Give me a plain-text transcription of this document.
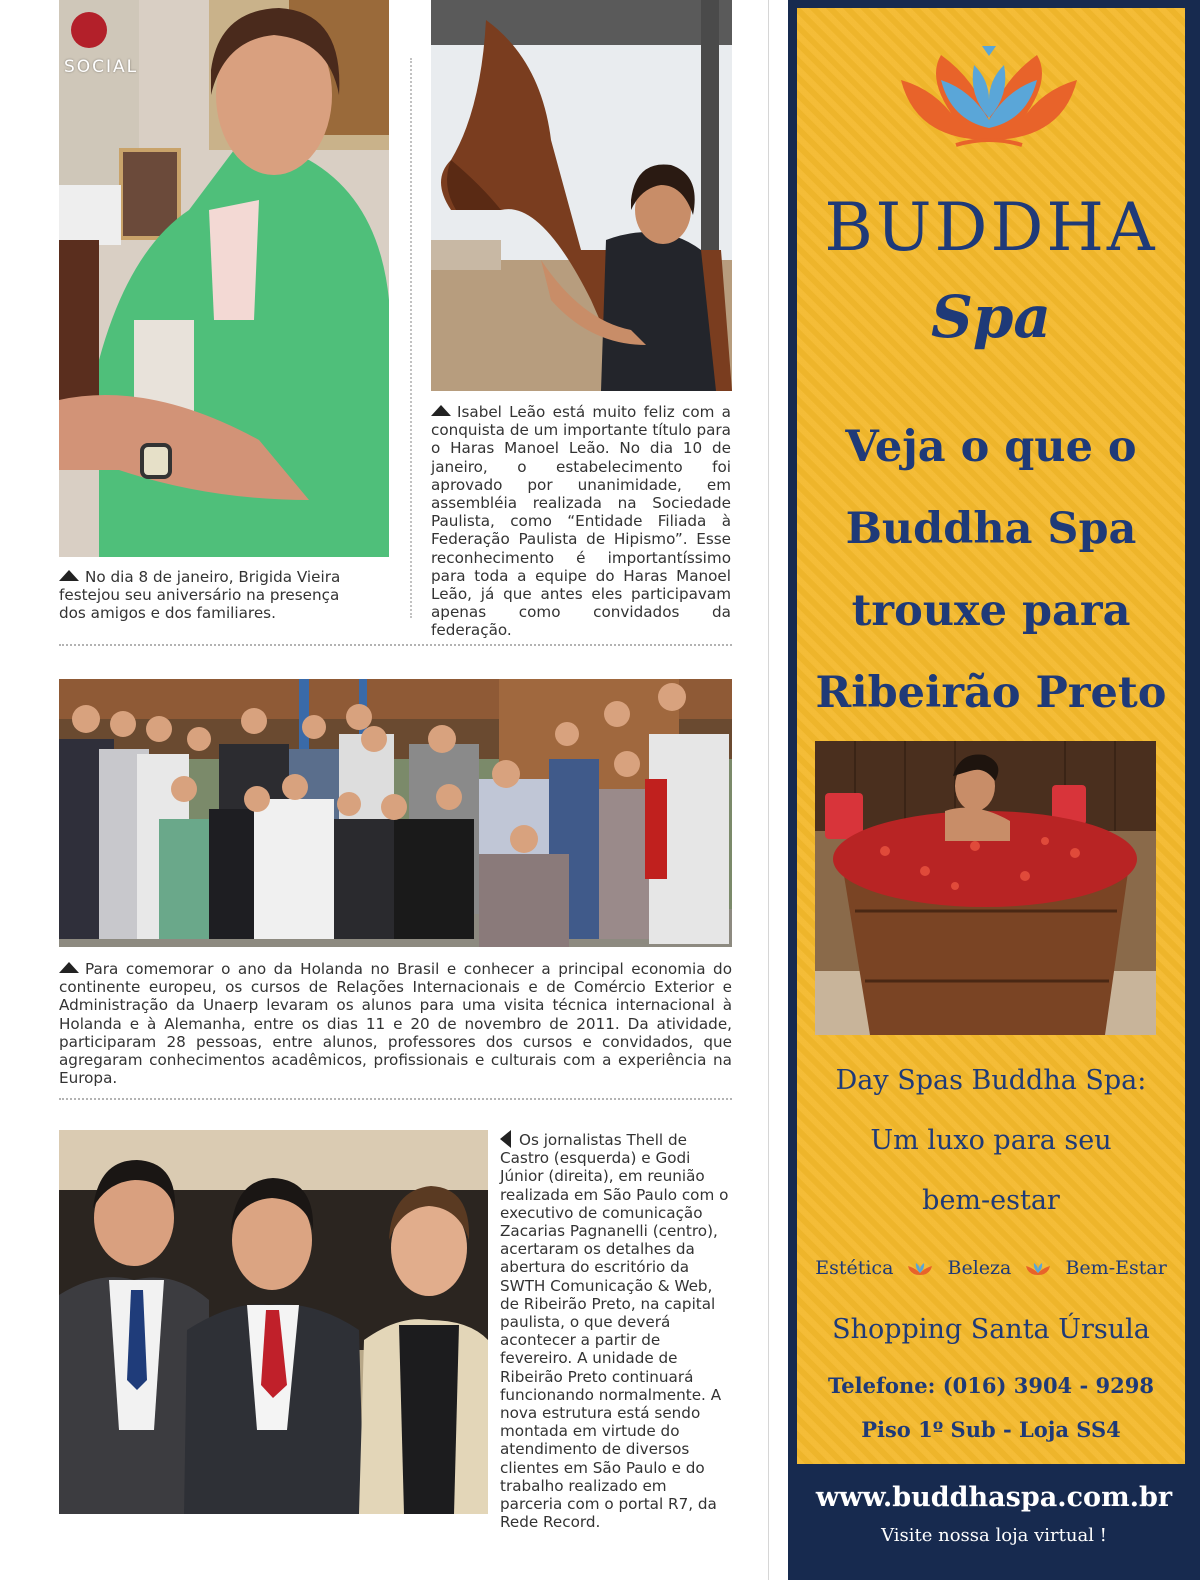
SOCIAL
No dia 8 de janeiro, Brigida Vieira festejou seu aniversário na presença dos amigos e dos familiares.
Isabel Leão está muito feliz com a conquista de um importante título para o Haras Manoel Leão. No dia 10 de janeiro, o estabelecimento foi aprovado por unanimidade, em assembléia realizada na Sociedade Paulista, como “Entidade Filiada à Federação Paulista de Hipismo”. Esse reconhecimento é importantíssimo para toda a equipe do Haras Manoel Leão, já que antes eles participavam apenas como convidados da federação.
Para comemorar o ano da Holanda no Brasil e conhecer a principal economia do continente europeu, os cursos de Relações Internacionais e de Comércio Exterior e Administração da Unaerp levaram os alunos para uma visita técnica internacional à Holanda e à Alemanha, entre os dias 11 e 20 de novembro de 2011. Da atividade, participaram 28 pessoas, entre alunos, professores dos cursos e convidados, que agregaram conhecimentos acadêmicos, profissionais e culturais com a experiência na Europa.
Os jornalistas Thell de Castro (esquerda) e Godi Júnior (direita), em reunião realizada em São Paulo com o executivo de comunicação Zacarias Pagnanelli (centro), acertaram os detalhes da abertura do escritório da SWTH Comunicação & Web, de Ribeirão Preto, na capital paulista, o que deverá acontecer a partir de fevereiro. A unidade de Ribeirão Preto continuará funcionando normalmente. A nova estrutura está sendo montada em virtude do atendimento de diversos clientes em São Paulo e do trabalho realizado em parceria com o portal R7, da Rede Record.
BUDDHA
Spa
Veja o que o
Buddha Spa
trouxe para
Ribeirão Preto
Day Spas Buddha Spa:
Um luxo para seu
bem-estar
Estética	Beleza	Bem-Estar
Shopping Santa Úrsula
Telefone: (016) 3904 - 9298
Piso 1º Sub - Loja SS4
www.buddhaspa.com.br
Visite nossa loja virtual !
